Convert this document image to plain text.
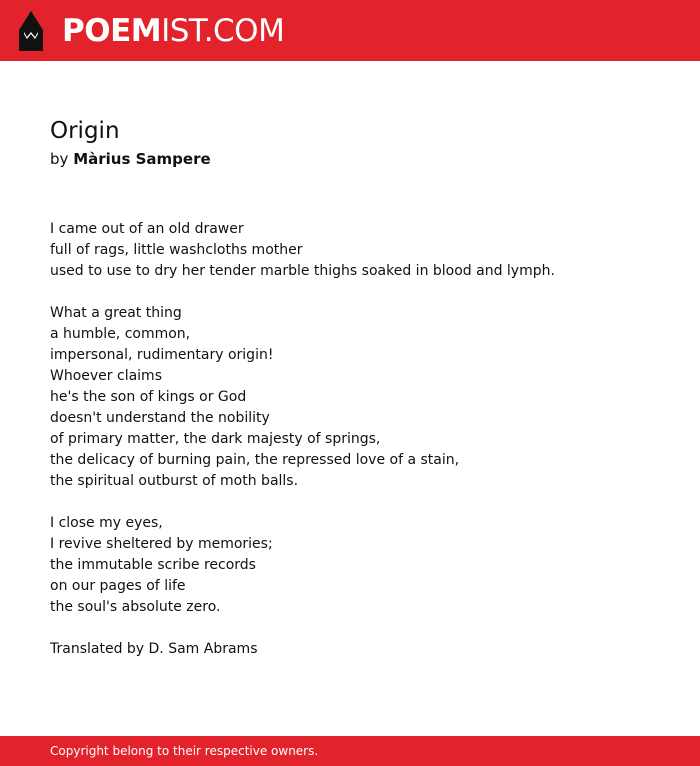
POEMIST.COM
Origin
by Màrius Sampere
I came out of an old drawer
full of rags, little washcloths mother
used to use to dry her tender marble thighs soaked in blood and lymph.
What a great thing
a humble, common,
impersonal, rudimentary origin!
Whoever claims
he's the son of kings or God
doesn't understand the nobility
of primary matter, the dark majesty of springs,
the delicacy of burning pain, the repressed love of a stain,
the spiritual outburst of moth balls.
I close my eyes,
I revive sheltered by memories;
the immutable scribe records
on our pages of life
the soul's absolute zero.
Translated by D. Sam Abrams
Copyright belong to their respective owners.
